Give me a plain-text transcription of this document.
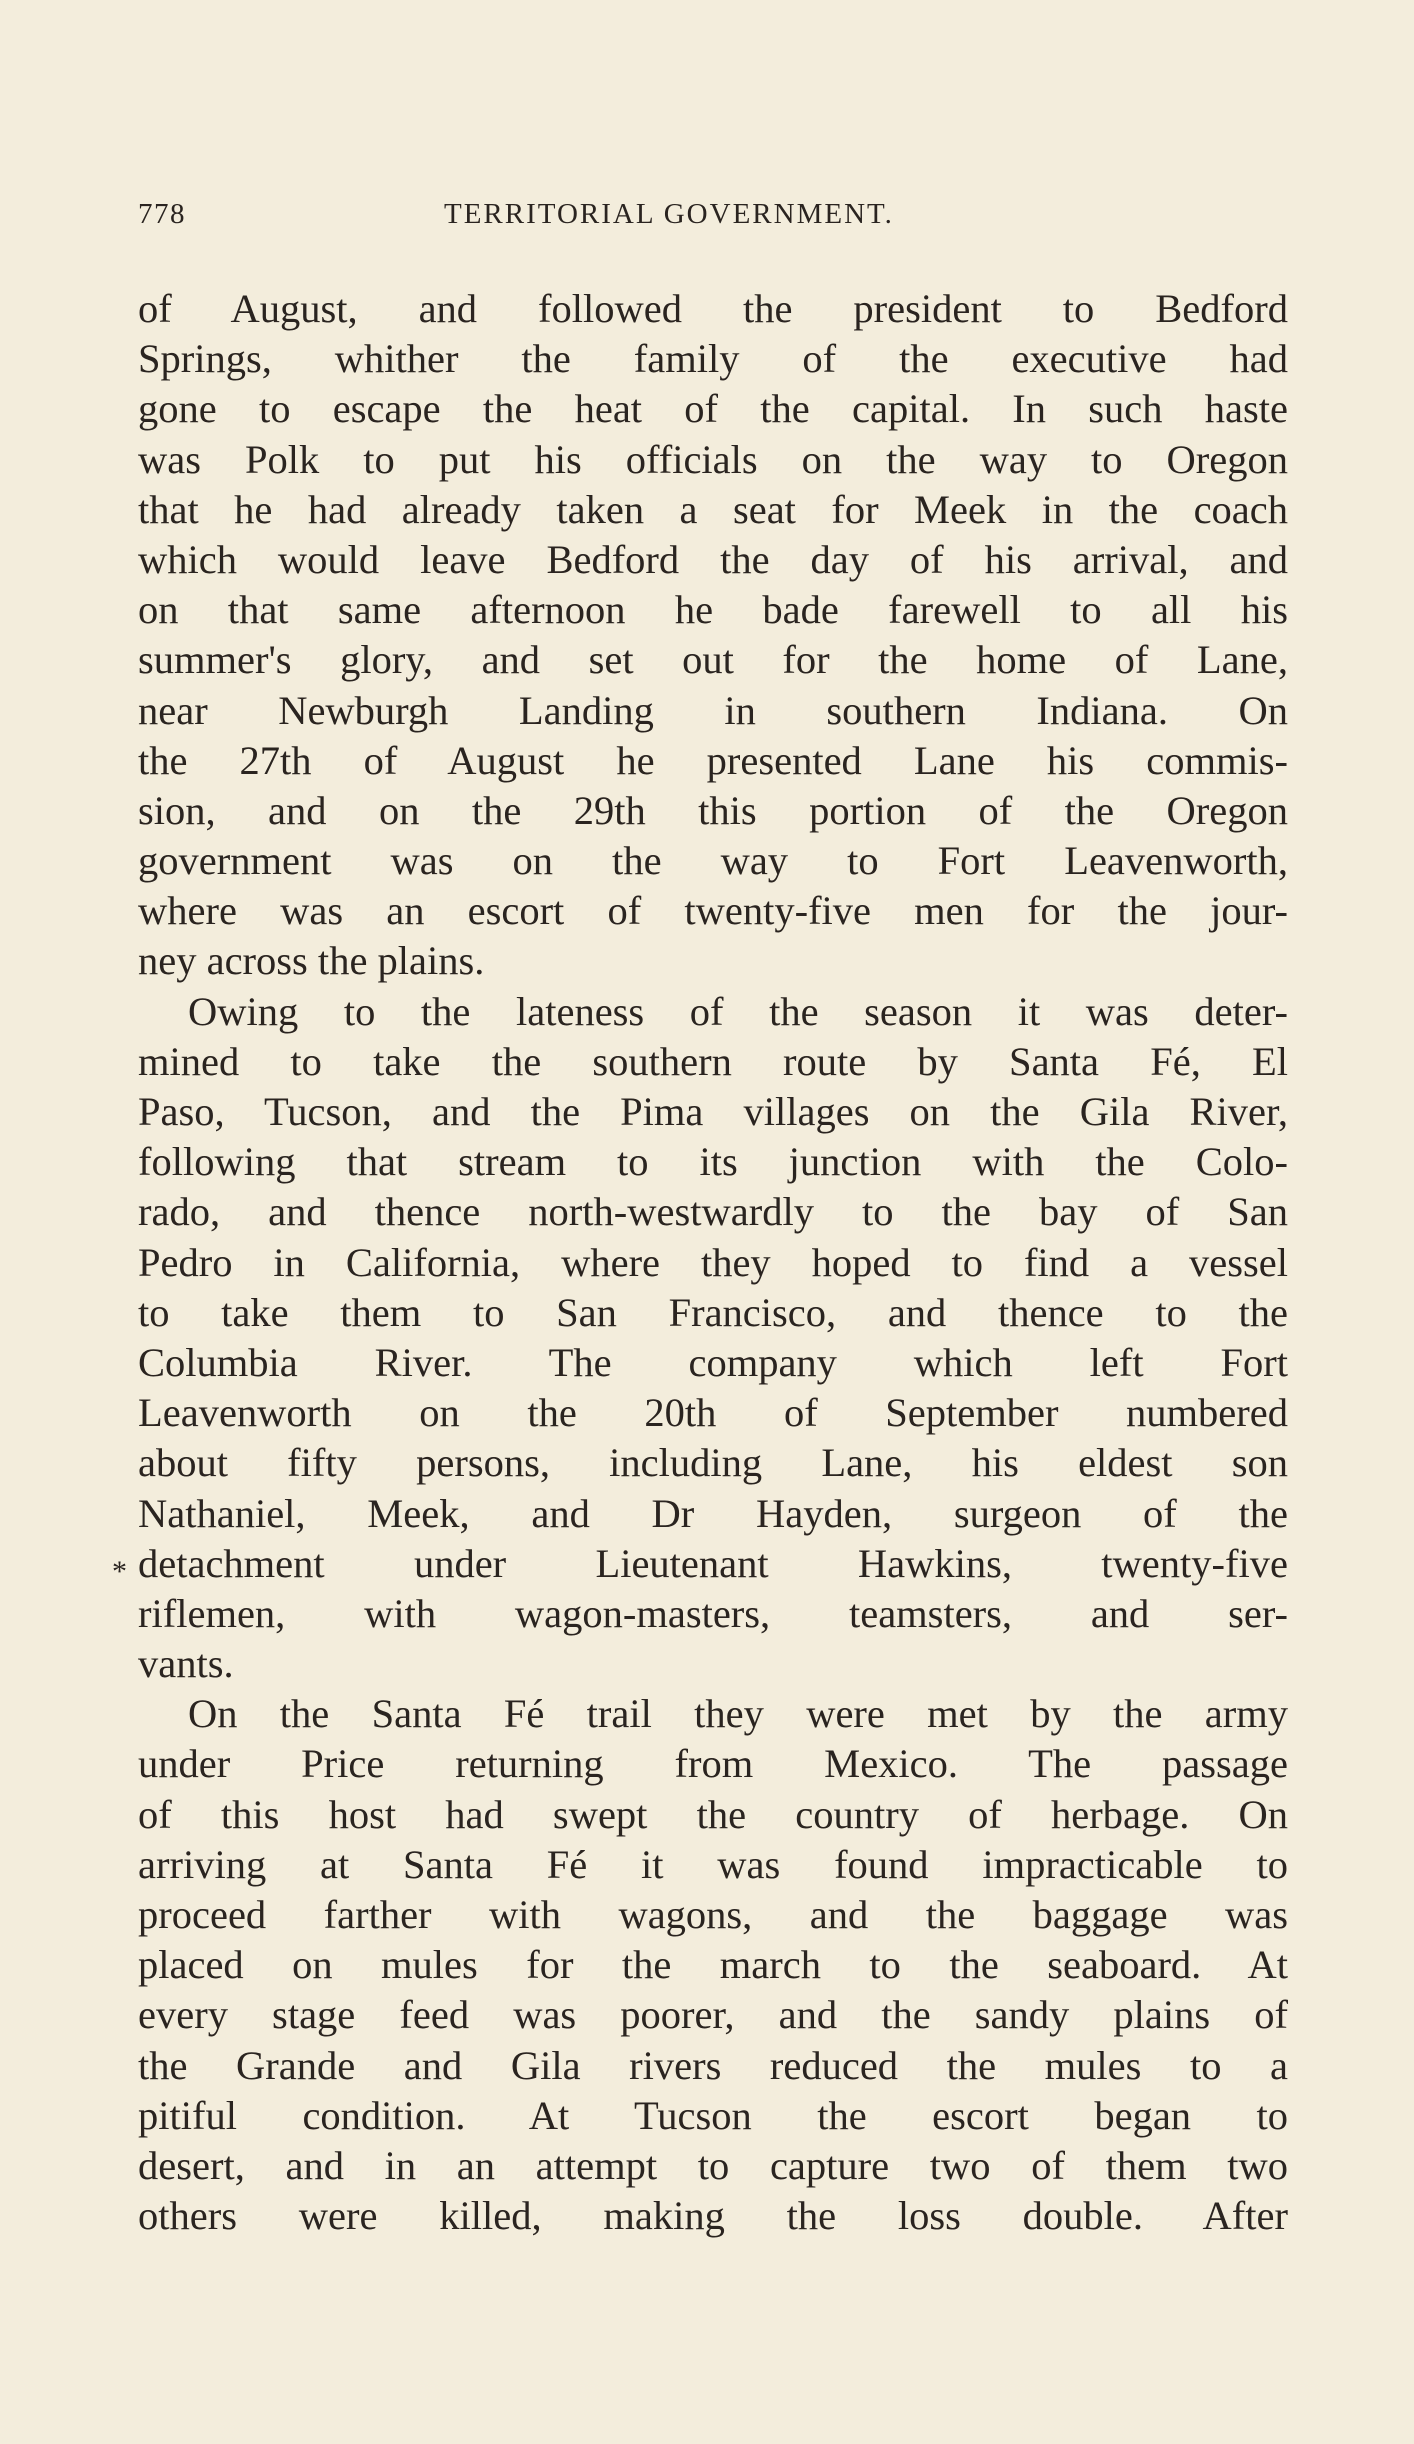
778	TERRITORIAL GOVERNMENT.
*
of August, and followed the president to Bedford
Springs, whither the family of the executive had
gone to escape the heat of the capital. In such haste
was Polk to put his officials on the way to Oregon
that he had already taken a seat for Meek in the coach
which would leave Bedford the day of his arrival, and
on that same afternoon he bade farewell to all his
summer's glory, and set out for the home of Lane,
near Newburgh Landing in southern Indiana. On
the 27th of August he presented Lane his commis-
sion, and on the 29th this portion of the Oregon
government was on the way to Fort Leavenworth,
where was an escort of twenty-five men for the jour-
ney across the plains.
Owing to the lateness of the season it was deter-
mined to take the southern route by Santa Fé, El
Paso, Tucson, and the Pima villages on the Gila River,
following that stream to its junction with the Colo-
rado, and thence north-westwardly to the bay of San
Pedro in California, where they hoped to find a vessel
to take them to San Francisco, and thence to the
Columbia River. The company which left Fort
Leavenworth on the 20th of September numbered
about fifty persons, including Lane, his eldest son
Nathaniel, Meek, and Dr Hayden, surgeon of the
detachment under Lieutenant Hawkins, twenty-five
riflemen, with wagon-masters, teamsters, and ser-
vants.
On the Santa Fé trail they were met by the army
under Price returning from Mexico. The passage
of this host had swept the country of herbage. On
arriving at Santa Fé it was found impracticable to
proceed farther with wagons, and the baggage was
placed on mules for the march to the seaboard. At
every stage feed was poorer, and the sandy plains of
the Grande and Gila rivers reduced the mules to a
pitiful condition. At Tucson the escort began to
desert, and in an attempt to capture two of them two
others were killed, making the loss double. After
